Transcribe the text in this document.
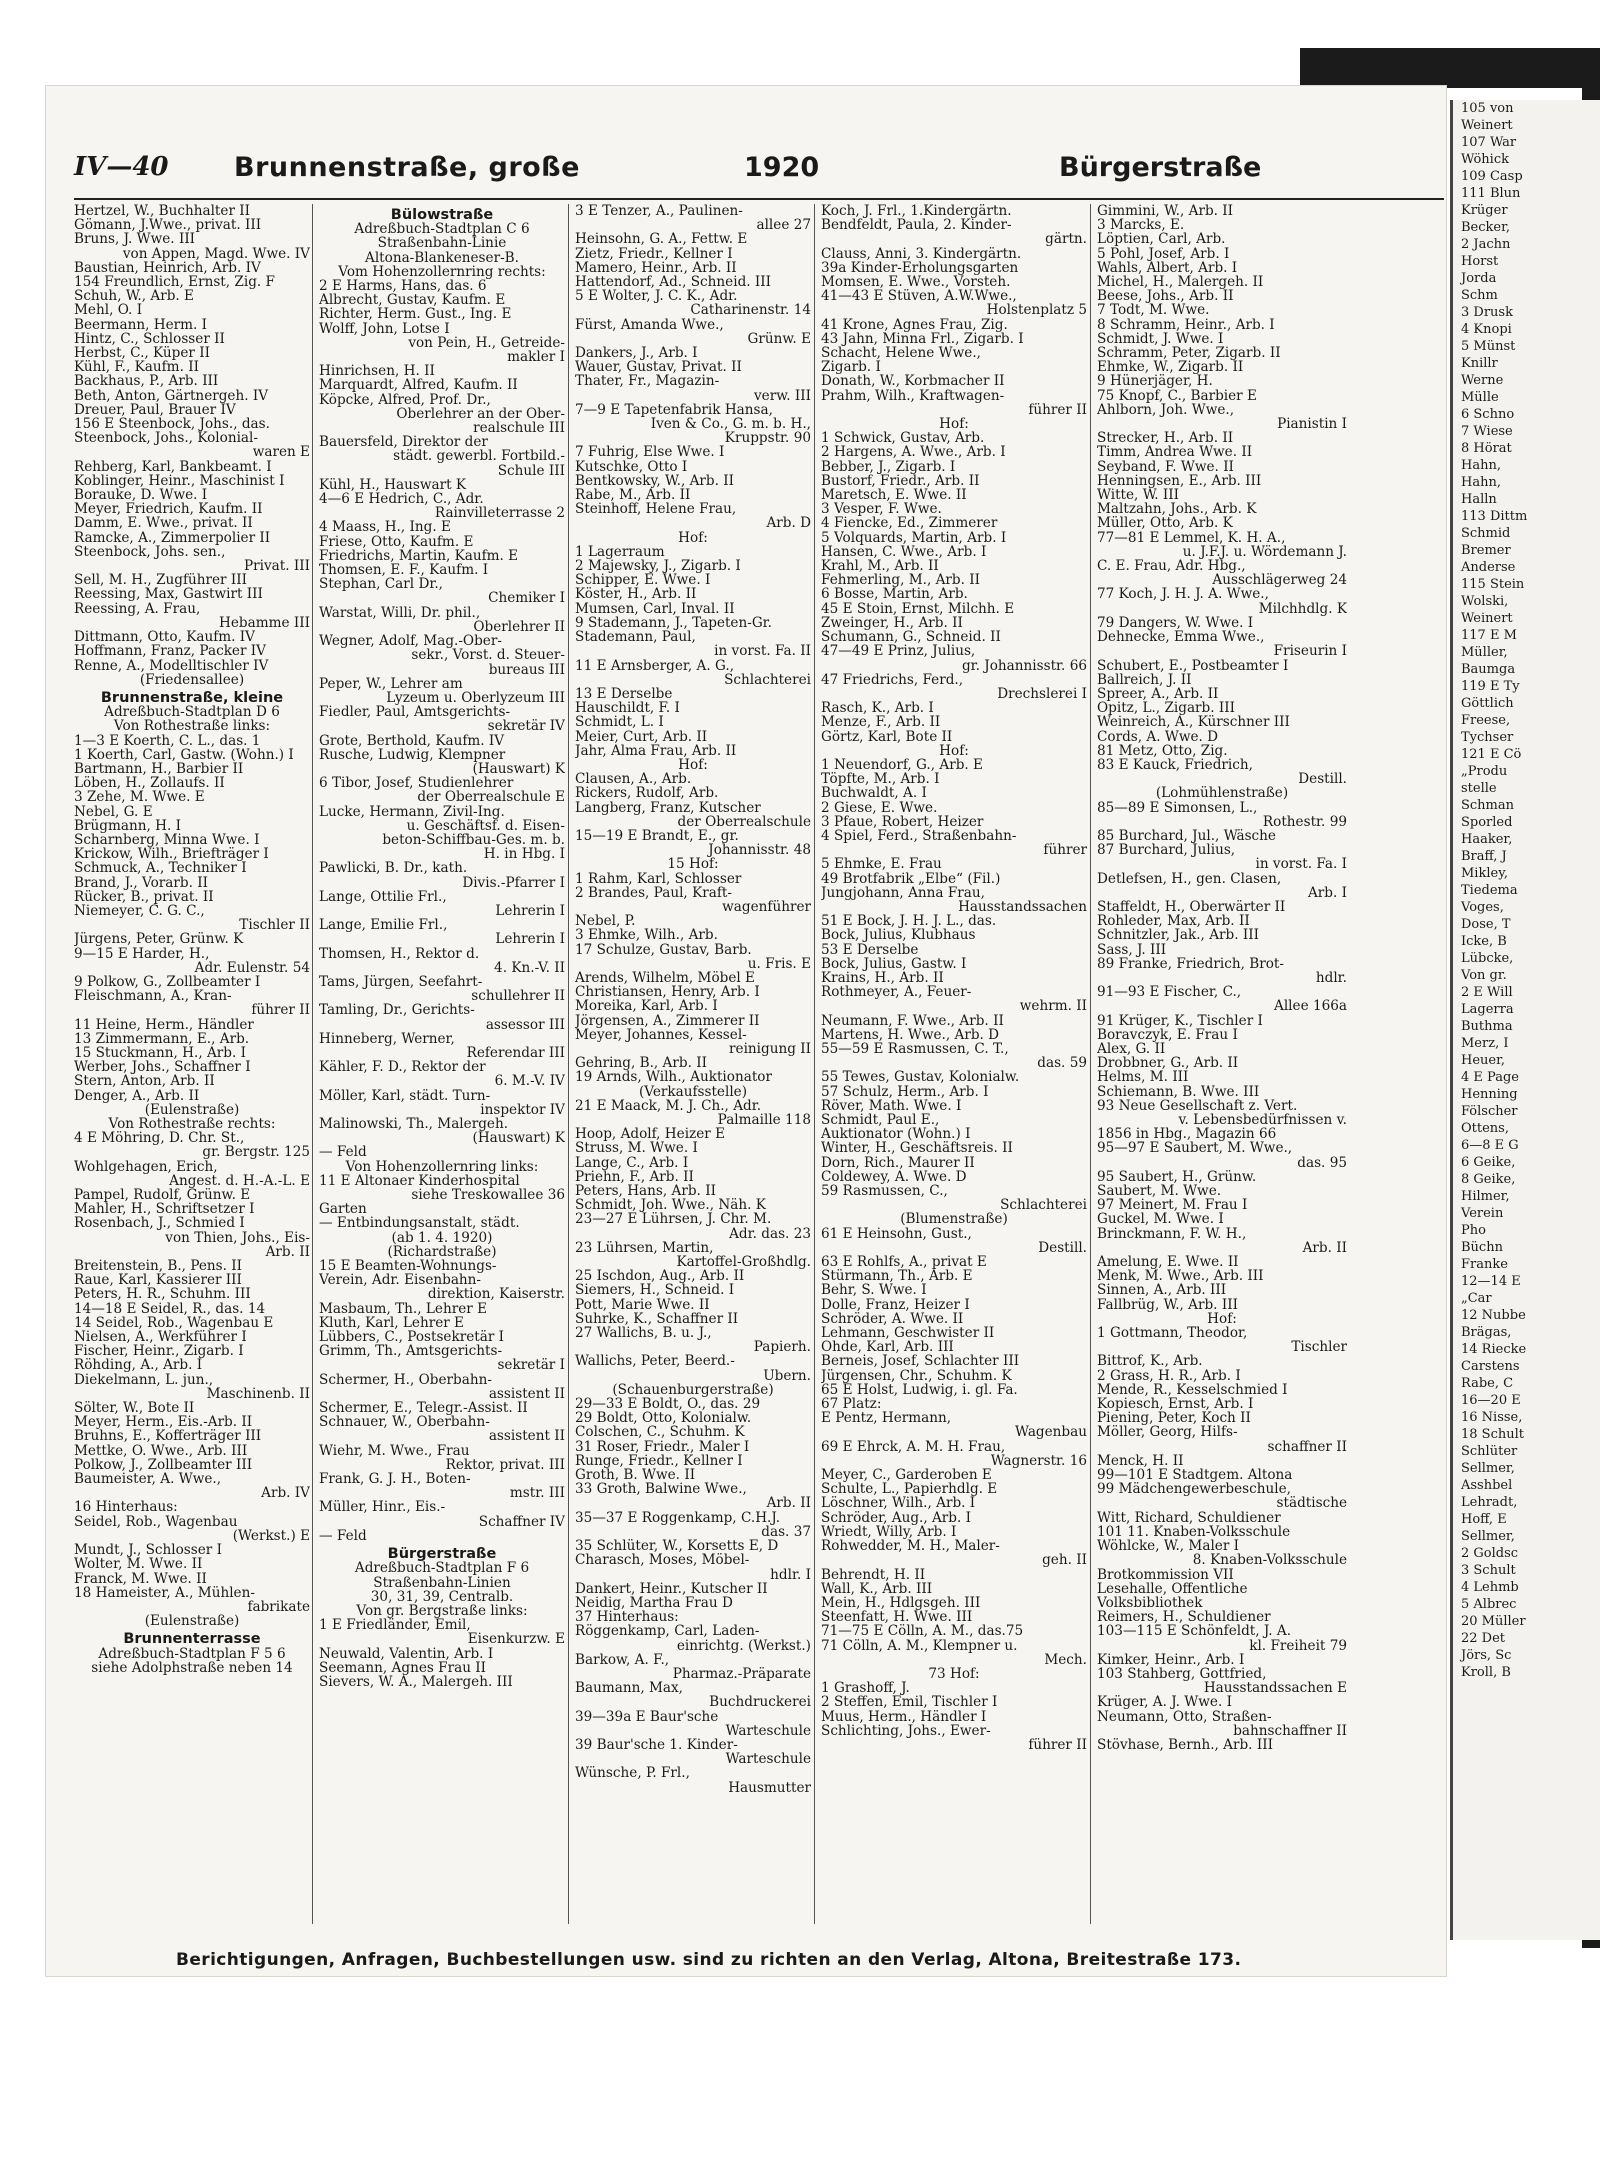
IV—40 Brunnenstraße, große	1920	Bürgerstraße
Hertzel, W., Buchhalter II
Gömann, J.Wwe., privat. III
Bruns, J. Wwe. III
von Appen, Magd. Wwe. IV
Baustian, Heinrich, Arb. IV
154 Freundlich, Ernst, Zig. F
Schuh, W., Arb. E
Mehl, O. I
Beermann, Herm. I
Hintz, C., Schlosser II
Herbst, C., Küper II
Kühl, F., Kaufm. II
Backhaus, P., Arb. III
Beth, Anton, Gärtnergeh. IV
Dreuer, Paul, Brauer IV
156 E Steenbock, Johs., das.
Steenbock, Johs., Kolonial-
waren E
Rehberg, Karl, Bankbeamt. I
Koblinger, Heinr., Maschinist I
Borauke, D. Wwe. I
Meyer, Friedrich, Kaufm. II
Damm, E. Wwe., privat. II
Ramcke, A., Zimmerpolier II
Steenbock, Johs. sen.,
Privat. III
Sell, M. H., Zugführer III
Reessing, Max, Gastwirt III
Reessing, A. Frau,
Hebamme III
Dittmann, Otto, Kaufm. IV
Hoffmann, Franz, Packer IV
Renne, A., Modelltischler IV
(Friedensallee)
Brunnenstraße, kleine
Adreßbuch-Stadtplan D 6
Von Rothestraße links:
1—3 E Koerth, C. L., das. 1
1 Koerth, Carl, Gastw. (Wohn.) I
Bartmann, H., Barbier II
Löben, H., Zollaufs. II
3 Zehe, M. Wwe. E
Nebel, G. E
Brügmann, H. I
Scharnberg, Minna Wwe. I
Krickow, Wilh., Briefträger I
Schmuck, A., Techniker I
Brand, J., Vorarb. II
Rücker, B., privat. II
Niemeyer, C. G. C.,
Tischler II
Jürgens, Peter, Grünw. K
9—15 E Harder, H.,
Adr. Eulenstr. 54
9 Polkow, G., Zollbeamter I
Fleischmann, A., Kran-
führer II
11 Heine, Herm., Händler
13 Zimmermann, E., Arb.
15 Stuckmann, H., Arb. I
Werber, Johs., Schaffner I
Stern, Anton, Arb. II
Denger, A., Arb. II
(Eulenstraße)
Von Rothestraße rechts:
4 E Möhring, D. Chr. St.,
gr. Bergstr. 125
Wohlgehagen, Erich,
Angest. d. H.-A.-L. E
Pampel, Rudolf, Grünw. E
Mahler, H., Schriftsetzer I
Rosenbach, J., Schmied I
von Thien, Johs., Eis-
Arb. II
Breitenstein, B., Pens. II
Raue, Karl, Kassierer III
Peters, H. R., Schuhm. III
14—18 E Seidel, R., das. 14
14 Seidel, Rob., Wagenbau E
Nielsen, A., Werkführer I
Fischer, Heinr., Zigarb. I
Röhding, A., Arb. I
Diekelmann, L. jun.,
Maschinenb. II
Sölter, W., Bote II
Meyer, Herm., Eis.-Arb. II
Bruhns, E., Kofferträger III
Mettke, O. Wwe., Arb. III
Polkow, J., Zollbeamter III
Baumeister, A. Wwe.,
Arb. IV
16 Hinterhaus:
Seidel, Rob., Wagenbau
(Werkst.) E
Mundt, J., Schlosser I
Wolter, M. Wwe. II
Franck, M. Wwe. II
18 Hameister, A., Mühlen-
fabrikate
(Eulenstraße)
Brunnenterrasse
Adreßbuch-Stadtplan F 5 6
siehe Adolphstraße neben 14
Bülowstraße
Adreßbuch-Stadtplan C 6
Straßenbahn-Linie
Altona-Blankeneser-B.
Vom Hohenzollernring rechts:
2 E Harms, Hans, das. 6
Albrecht, Gustav, Kaufm. E
Richter, Herm. Gust., Ing. E
Wolff, John, Lotse I
von Pein, H., Getreide-
makler I
Hinrichsen, H. II
Marquardt, Alfred, Kaufm. II
Köpcke, Alfred, Prof. Dr.,
Oberlehrer an der Ober-
realschule III
Bauersfeld, Direktor der
städt. gewerbl. Fortbild.-
Schule III
Kühl, H., Hauswart K
4—6 E Hedrich, C., Adr.
Rainvilleterrasse 2
4 Maass, H., Ing. E
Friese, Otto, Kaufm. E
Friedrichs, Martin, Kaufm. E
Thomsen, E. F., Kaufm. I
Stephan, Carl Dr.,
Chemiker I
Warstat, Willi, Dr. phil.,
Oberlehrer II
Wegner, Adolf, Mag.-Ober-
sekr., Vorst. d. Steuer-
bureaus III
Peper, W., Lehrer am
Lyzeum u. Oberlyzeum III
Fiedler, Paul, Amtsgerichts-
sekretär IV
Grote, Berthold, Kaufm. IV
Rusche, Ludwig, Klempner
(Hauswart) K
6 Tibor, Josef, Studienlehrer
der Oberrealschule E
Lucke, Hermann, Zivil-Ing.
u. Geschäftsf. d. Eisen-
beton-Schiffbau-Ges. m. b.
H. in Hbg. I
Pawlicki, B. Dr., kath.
Divis.-Pfarrer I
Lange, Ottilie Frl.,
Lehrerin I
Lange, Emilie Frl.,
Lehrerin I
Thomsen, H., Rektor d.
4. Kn.-V. II
Tams, Jürgen, Seefahrt-
schullehrer II
Tamling, Dr., Gerichts-
assessor III
Hinneberg, Werner,
Referendar III
Kähler, F. D., Rektor der
6. M.-V. IV
Möller, Karl, städt. Turn-
inspektor IV
Malinowski, Th., Malergeh.
(Hauswart) K
— Feld
Von Hohenzollernring links:
11 E Altonaer Kinderhospital
siehe Treskowallee 36
Garten
— Entbindungsanstalt, städt.
(ab 1. 4. 1920)
(Richardstraße)
15 E Beamten-Wohnungs-
Verein, Adr. Eisenbahn-
direktion, Kaiserstr.
Masbaum, Th., Lehrer E
Kluth, Karl, Lehrer E
Lübbers, C., Postsekretär I
Grimm, Th., Amtsgerichts-
sekretär I
Schermer, H., Oberbahn-
assistent II
Schermer, E., Telegr.-Assist. II
Schnauer, W., Oberbahn-
assistent II
Wiehr, M. Wwe., Frau
Rektor, privat. III
Frank, G. J. H., Boten-
mstr. III
Müller, Hinr., Eis.-
Schaffner IV
— Feld
Bürgerstraße
Adreßbuch-Stadtplan F 6
Straßenbahn-Linien
30, 31, 39, Centralb.
Von gr. Bergstraße links:
1 E Friedländer, Emil,
Eisenkurzw. E
Neuwald, Valentin, Arb. I
Seemann, Agnes Frau II
Sievers, W. A., Malergeh. III
3 E Tenzer, A., Paulinen-
allee 27
Heinsohn, G. A., Fettw. E
Zietz, Friedr., Kellner I
Mamero, Heinr., Arb. II
Hattendorf, Ad., Schneid. III
5 E Wolter, J. C. K., Adr.
Catharinenstr. 14
Fürst, Amanda Wwe.,
Grünw. E
Dankers, J., Arb. I
Wauer, Gustav, Privat. II
Thater, Fr., Magazin-
verw. III
7—9 E Tapetenfabrik Hansa,
Iven & Co., G. m. b. H.,
Kruppstr. 90
7 Fuhrig, Else Wwe. I
Kutschke, Otto I
Bentkowsky, W., Arb. II
Rabe, M., Arb. II
Steinhoff, Helene Frau,
Arb. D
Hof:
1 Lagerraum
2 Majewsky, J., Zigarb. I
Schipper, E. Wwe. I
Köster, H., Arb. II
Mumsen, Carl, Inval. II
9 Stademann, J., Tapeten-Gr.
Stademann, Paul,
in vorst. Fa. II
11 E Arnsberger, A. G.,
Schlachterei
13 E Derselbe
Hauschildt, F. I
Schmidt, L. I
Meier, Curt, Arb. II
Jahr, Alma Frau, Arb. II
Hof:
Clausen, A., Arb.
Rickers, Rudolf, Arb.
Langberg, Franz, Kutscher
der Oberrealschule
15—19 E Brandt, E., gr.
Johannisstr. 48
15 Hof:
1 Rahm, Karl, Schlosser
2 Brandes, Paul, Kraft-
wagenführer
Nebel, P.
3 Ehmke, Wilh., Arb.
17 Schulze, Gustav, Barb.
u. Fris. E
Arends, Wilhelm, Möbel E
Christiansen, Henry, Arb. I
Moreika, Karl, Arb. I
Jörgensen, A., Zimmerer II
Meyer, Johannes, Kessel-
reinigung II
Gehring, B., Arb. II
19 Arnds, Wilh., Auktionator
(Verkaufsstelle)
21 E Maack, M. J. Ch., Adr.
Palmaille 118
Hoop, Adolf, Heizer E
Struss, M. Wwe. I
Lange, C., Arb. I
Priehn, F., Arb. II
Peters, Hans, Arb. II
Schmidt, Joh. Wwe., Näh. K
23—27 E Lührsen, J. Chr. M.
Adr. das. 23
23 Lührsen, Martin,
Kartoffel-Großhdlg.
25 Ischdon, Aug., Arb. II
Siemers, H., Schneid. I
Pott, Marie Wwe. II
Suhrke, K., Schaffner II
27 Wallichs, B. u. J.,
Papierh.
Wallichs, Peter, Beerd.-
Übern.
(Schauenburgerstraße)
29—33 E Boldt, O., das. 29
29 Boldt, Otto, Kolonialw.
Colschen, C., Schuhm. K
31 Roser, Friedr., Maler I
Runge, Friedr., Kellner I
Groth, B. Wwe. II
33 Groth, Balwine Wwe.,
Arb. II
35—37 E Roggenkamp, C.H.J.
das. 37
35 Schlüter, W., Korsetts E, D
Charasch, Moses, Möbel-
hdlr. I
Dankert, Heinr., Kutscher II
Neidig, Martha Frau D
37 Hinterhaus:
Röggenkamp, Carl, Laden-
einrichtg. (Werkst.)
Barkow, A. F.,
Pharmaz.-Präparate
Baumann, Max,
Buchdruckerei
39—39a E Baur'sche
Warteschule
39 Baur'sche 1. Kinder-
Warteschule
Wünsche, P. Frl.,
Hausmutter
Koch, J. Frl., 1.Kindergärtn.
Bendfeldt, Paula, 2. Kinder-
gärtn.
Clauss, Anni, 3. Kindergärtn.
39a Kinder-Erholungsgarten
Momsen, E. Wwe., Vorsteh.
41—43 E Stüven, A.W.Wwe.,
Holstenplatz 5
41 Krone, Agnes Frau, Zig.
43 Jahn, Minna Frl., Zigarb. I
Schacht, Helene Wwe.,
Zigarb. I
Donath, W., Korbmacher II
Prahm, Wilh., Kraftwagen-
führer II
Hof:
1 Schwick, Gustav, Arb.
2 Hargens, A. Wwe., Arb. I
Bebber, J., Zigarb. I
Bustorf, Friedr., Arb. II
Maretsch, E. Wwe. II
3 Vesper, F. Wwe.
4 Fiencke, Ed., Zimmerer
5 Volquards, Martin, Arb. I
Hansen, C. Wwe., Arb. I
Krahl, M., Arb. II
Fehmerling, M., Arb. II
6 Bosse, Martin, Arb.
45 E Stoin, Ernst, Milchh. E
Zweinger, H., Arb. II
Schumann, G., Schneid. II
47—49 E Prinz, Julius,
gr. Johannisstr. 66
47 Friedrichs, Ferd.,
Drechslerei I
Rasch, K., Arb. I
Menze, F., Arb. II
Görtz, Karl, Bote II
Hof:
1 Neuendorf, G., Arb. E
Töpfte, M., Arb. I
Buchwaldt, A. I
2 Giese, E. Wwe.
3 Pfaue, Robert, Heizer
4 Spiel, Ferd., Straßenbahn-
führer
5 Ehmke, E. Frau
49 Brotfabrik „Elbe“ (Fil.)
Jungjohann, Anna Frau,
Hausstandssachen
51 E Bock, J. H. J. L., das.
Bock, Julius, Klubhaus
53 E Derselbe
Bock, Julius, Gastw. I
Krains, H., Arb. II
Rothmeyer, A., Feuer-
wehrm. II
Neumann, F. Wwe., Arb. II
Martens, H. Wwe., Arb. D
55—59 E Rasmussen, C. T.,
das. 59
55 Tewes, Gustav, Kolonialw.
57 Schulz, Herm., Arb. I
Röver, Math. Wwe. I
Schmidt, Paul E.,
Auktionator (Wohn.) I
Winter, H., Geschäftsreis. II
Dorn, Rich., Maurer II
Coldewey, A. Wwe. D
59 Rasmussen, C.,
Schlachterei
(Blumenstraße)
61 E Heinsohn, Gust.,
Destill.
63 E Rohlfs, A., privat E
Stürmann, Th., Arb. E
Behr, S. Wwe. I
Dolle, Franz, Heizer I
Schröder, A. Wwe. II
Lehmann, Geschwister II
Ohde, Karl, Arb. III
Berneis, Josef, Schlachter III
Jürgensen, Chr., Schuhm. K
65 E Holst, Ludwig, i. gl. Fa.
67 Platz:
E Pentz, Hermann,
Wagenbau
69 E Ehrck, A. M. H. Frau,
Wagnerstr. 16
Meyer, C., Garderoben E
Schulte, L., Papierhdlg. E
Löschner, Wilh., Arb. I
Schröder, Aug., Arb. I
Wriedt, Willy, Arb. I
Rohwedder, M. H., Maler-
geh. II
Behrendt, H. II
Wall, K., Arb. III
Mein, H., Hdlgsgeh. III
Steenfatt, H. Wwe. III
71—75 E Cölln, A. M., das.75
71 Cölln, A. M., Klempner u.
Mech.
73 Hof:
1 Grashoff, J.
2 Steffen, Emil, Tischler I
Muus, Herm., Händler I
Schlichting, Johs., Ewer-
führer II
Gimmini, W., Arb. II
3 Marcks, E.
Löptien, Carl, Arb.
5 Pohl, Josef, Arb. I
Wahls, Albert, Arb. I
Michel, H., Malergeh. II
Beese, Johs., Arb. II
7 Todt, M. Wwe.
8 Schramm, Heinr., Arb. I
Schmidt, J. Wwe. I
Schramm, Peter, Zigarb. II
Ehmke, W., Zigarb. II
9 Hünerjäger, H.
75 Knopf, C., Barbier E
Ahlborn, Joh. Wwe.,
Pianistin I
Strecker, H., Arb. II
Timm, Andrea Wwe. II
Seyband, F. Wwe. II
Henningsen, E., Arb. III
Witte, W. III
Maltzahn, Johs., Arb. K
Müller, Otto, Arb. K
77—81 E Lemmel, K. H. A.,
u. J.F.J. u. Wördemann J.
C. E. Frau, Adr. Hbg.,
Ausschlägerweg 24
77 Koch, J. H. J. A. Wwe.,
Milchhdlg. K
79 Dangers, W. Wwe. I
Dehnecke, Emma Wwe.,
Friseurin I
Schubert, E., Postbeamter I
Ballreich, J. II
Spreer, A., Arb. II
Opitz, L., Zigarb. III
Weinreich, A., Kürschner III
Cords, A. Wwe. D
81 Metz, Otto, Zig.
83 E Kauck, Friedrich,
Destill.
(Lohmühlenstraße)
85—89 E Simonsen, L.,
Rothestr. 99
85 Burchard, Jul., Wäsche
87 Burchard, Julius,
in vorst. Fa. I
Detlefsen, H., gen. Clasen,
Arb. I
Staffeldt, H., Oberwärter II
Rohleder, Max, Arb. II
Schnitzler, Jak., Arb. III
Sass, J. III
89 Franke, Friedrich, Brot-
hdlr.
91—93 E Fischer, C.,
Allee 166a
91 Krüger, K., Tischler I
Boravczyk, E. Frau I
Alex, G. II
Drobbner, G., Arb. II
Helms, M. III
Schiemann, B. Wwe. III
93 Neue Gesellschaft z. Vert.
v. Lebensbedürfnissen v.
1856 in Hbg., Magazin 66
95—97 E Saubert, M. Wwe.,
das. 95
95 Saubert, H., Grünw.
Saubert, M. Wwe.
97 Meinert, M. Frau I
Guckel, M. Wwe. I
Brinckmann, F. W. H.,
Arb. II
Amelung, E. Wwe. II
Menk, M. Wwe., Arb. III
Sinnen, A., Arb. III
Fallbrüg, W., Arb. III
Hof:
1 Gottmann, Theodor,
Tischler
Bittrof, K., Arb.
2 Grass, H. R., Arb. I
Mende, R., Kesselschmied I
Kopiesch, Ernst, Arb. I
Piening, Peter, Koch II
Möller, Georg, Hilfs-
schaffner II
Menck, H. II
99—101 E Stadtgem. Altona
99 Mädchengewerbeschule,
städtische
Witt, Richard, Schuldiener
101 11. Knaben-Volksschule
Wöhlcke, W., Maler I
8. Knaben-Volksschule
Brotkommission VII
Lesehalle, Öffentliche
Volksbibliothek
Reimers, H., Schuldiener
103—115 E Schönfeldt, J. A.
kl. Freiheit 79
Kimker, Heinr., Arb. I
103 Stahberg, Gottfried,
Hausstandssachen E
Krüger, A. J. Wwe. I
Neumann, Otto, Straßen-
bahnschaffner II
Stövhase, Bernh., Arb. III
Berichtigungen, Anfragen, Buchbestellungen usw. sind zu richten an den Verlag, Altona, Breitestraße 173.
105 von
Weinert
107 War
Wöhick
109 Casp
111 Blun
Krüger
Becker,
2 Jachn
Horst
Jorda
Schm
3 Drusk
4 Knopi
5 Münst
Knillr
Werne
Mülle
6 Schno
7 Wiese
8 Hörat
Hahn,
Hahn,
Halln
113 Dittm
Schmid
Bremer
Anderse
115 Stein
Wolski,
Weinert
117 E M
Müller,
Baumga
119 E Ty
Göttlich
Freese,
Tychser
121 E Cö
„Produ
stelle
Schman
Sporled
Haaker,
Braff, J
Mikley,
Tiedema
Voges,
Dose, T
Icke, B
Lübcke,
Von gr.
2 E Will
Lagerra
Buthma
Merz, I
Heuer,
4 E Page
Henning
Fölscher
Ottens,
6—8 E G
6 Geike,
8 Geike,
Hilmer,
Verein
Pho
Büchn
Franke
12—14 E
„Car
12 Nubbe
Brägas,
14 Riecke
Carstens
Rabe, C
16—20 E
16 Nisse,
18 Schult
Schlüter
Sellmer,
Asshbel
Lehradt,
Hoff, E
Sellmer,
2 Goldsc
3 Schult
4 Lehmb
5 Albrec
20 Müller
22 Det
Jörs, Sc
Kroll, B
